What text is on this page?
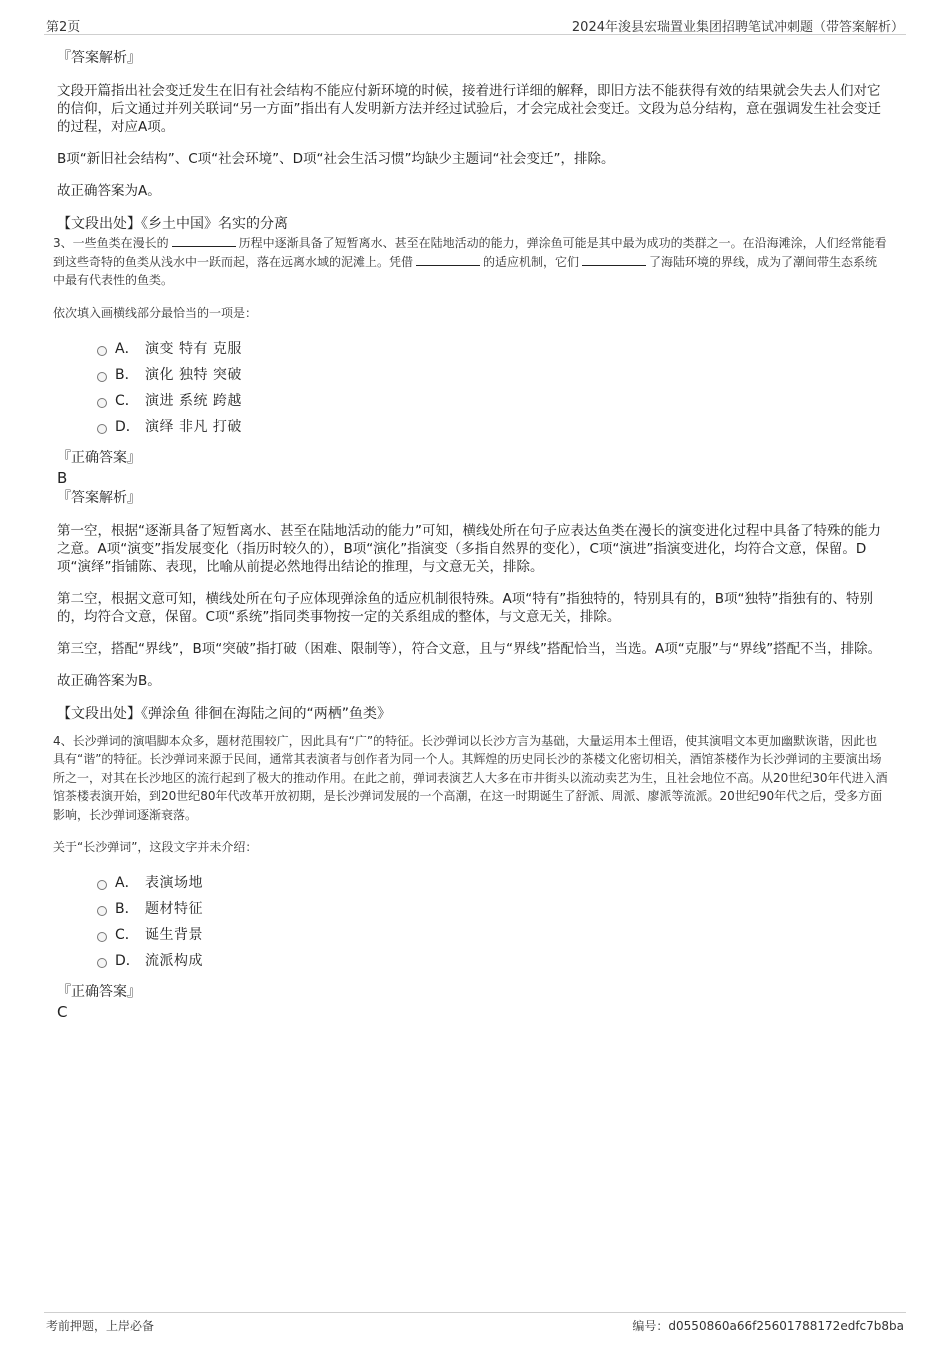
第2页	2024年浚县宏瑞置业集团招聘笔试冲刺题（带答案解析）

『答案解析』

文段开篇指出社会变迁发生在旧有社会结构不能应付新环境的时候，接着进行详细的解释，即旧方法不能获得有效的结果就会失去人们对它的信仰，后文通过并列关联词“另一方面”指出有人发明新方法并经过试验后，才会完成社会变迁。文段为总分结构，意在强调发生社会变迁的过程，对应A项。

B项“新旧社会结构”、C项“社会环境”、D项“社会生活习惯”均缺少主题词“社会变迁”，排除。

故正确答案为A。

【文段出处】《乡土中国》名实的分离

3、一些鱼类在漫长的	历程中逐渐具备了短暂离水、甚至在陆地活动的能力，弹涂鱼可能是其中最为成功的类群之一。在沿海滩涂，人们经常能看到这些奇特的鱼类从浅水中一跃而起，落在远离水域的泥滩上。凭借	的适应机制，它们	了海陆环境的界线，成为了潮间带生态系统中最有代表性的鱼类。

依次填入画横线部分最恰当的一项是：

A． 演变 特有 克服
B． 演化 独特 突破
C． 演进 系统 跨越
D． 演绎 非凡 打破

『正确答案』

B

『答案解析』

第一空，根据“逐渐具备了短暂离水、甚至在陆地活动的能力”可知，横线处所在句子应表达鱼类在漫长的演变进化过程中具备了特殊的能力之意。A项“演变”指发展变化（指历时较久的），B项“演化”指演变（多指自然界的变化），C项“演进”指演变进化，均符合文意，保留。D项“演绎”指铺陈、表现，比喻从前提必然地得出结论的推理，与文意无关，排除。

第二空，根据文意可知，横线处所在句子应体现弹涂鱼的适应机制很特殊。A项“特有”指独特的，特别具有的，B项“独特”指独有的、特别的，均符合文意，保留。C项“系统”指同类事物按一定的关系组成的整体，与文意无关，排除。

第三空，搭配“界线”，B项“突破”指打破（困难、限制等），符合文意，且与“界线”搭配恰当，当选。A项“克服”与“界线”搭配不当，排除。

故正确答案为B。

【文段出处】《弹涂鱼 徘徊在海陆之间的“两栖”鱼类》

4、长沙弹词的演唱脚本众多，题材范围较广，因此具有“广”的特征。长沙弹词以长沙方言为基础，大量运用本土俚语，使其演唱文本更加幽默诙谐，因此也具有“谐”的特征。长沙弹词来源于民间，通常其表演者与创作者为同一个人。其辉煌的历史同长沙的茶楼文化密切相关，酒馆茶楼作为长沙弹词的主要演出场所之一，对其在长沙地区的流行起到了极大的推动作用。在此之前，弹词表演艺人大多在市井街头以流动卖艺为生，且社会地位不高。从20世纪30年代进入酒馆茶楼表演开始，到20世纪80年代改革开放初期，是长沙弹词发展的一个高潮，在这一时期诞生了舒派、周派、廖派等流派。20世纪90年代之后，受多方面影响，长沙弹词逐渐衰落。

关于“长沙弹词”，这段文字并未介绍：

A． 表演场地
B． 题材特征
C． 诞生背景
D． 流派构成

『正确答案』

C

考前押题，上岸必备	编号：d0550860a66f25601788172edfc7b8ba
